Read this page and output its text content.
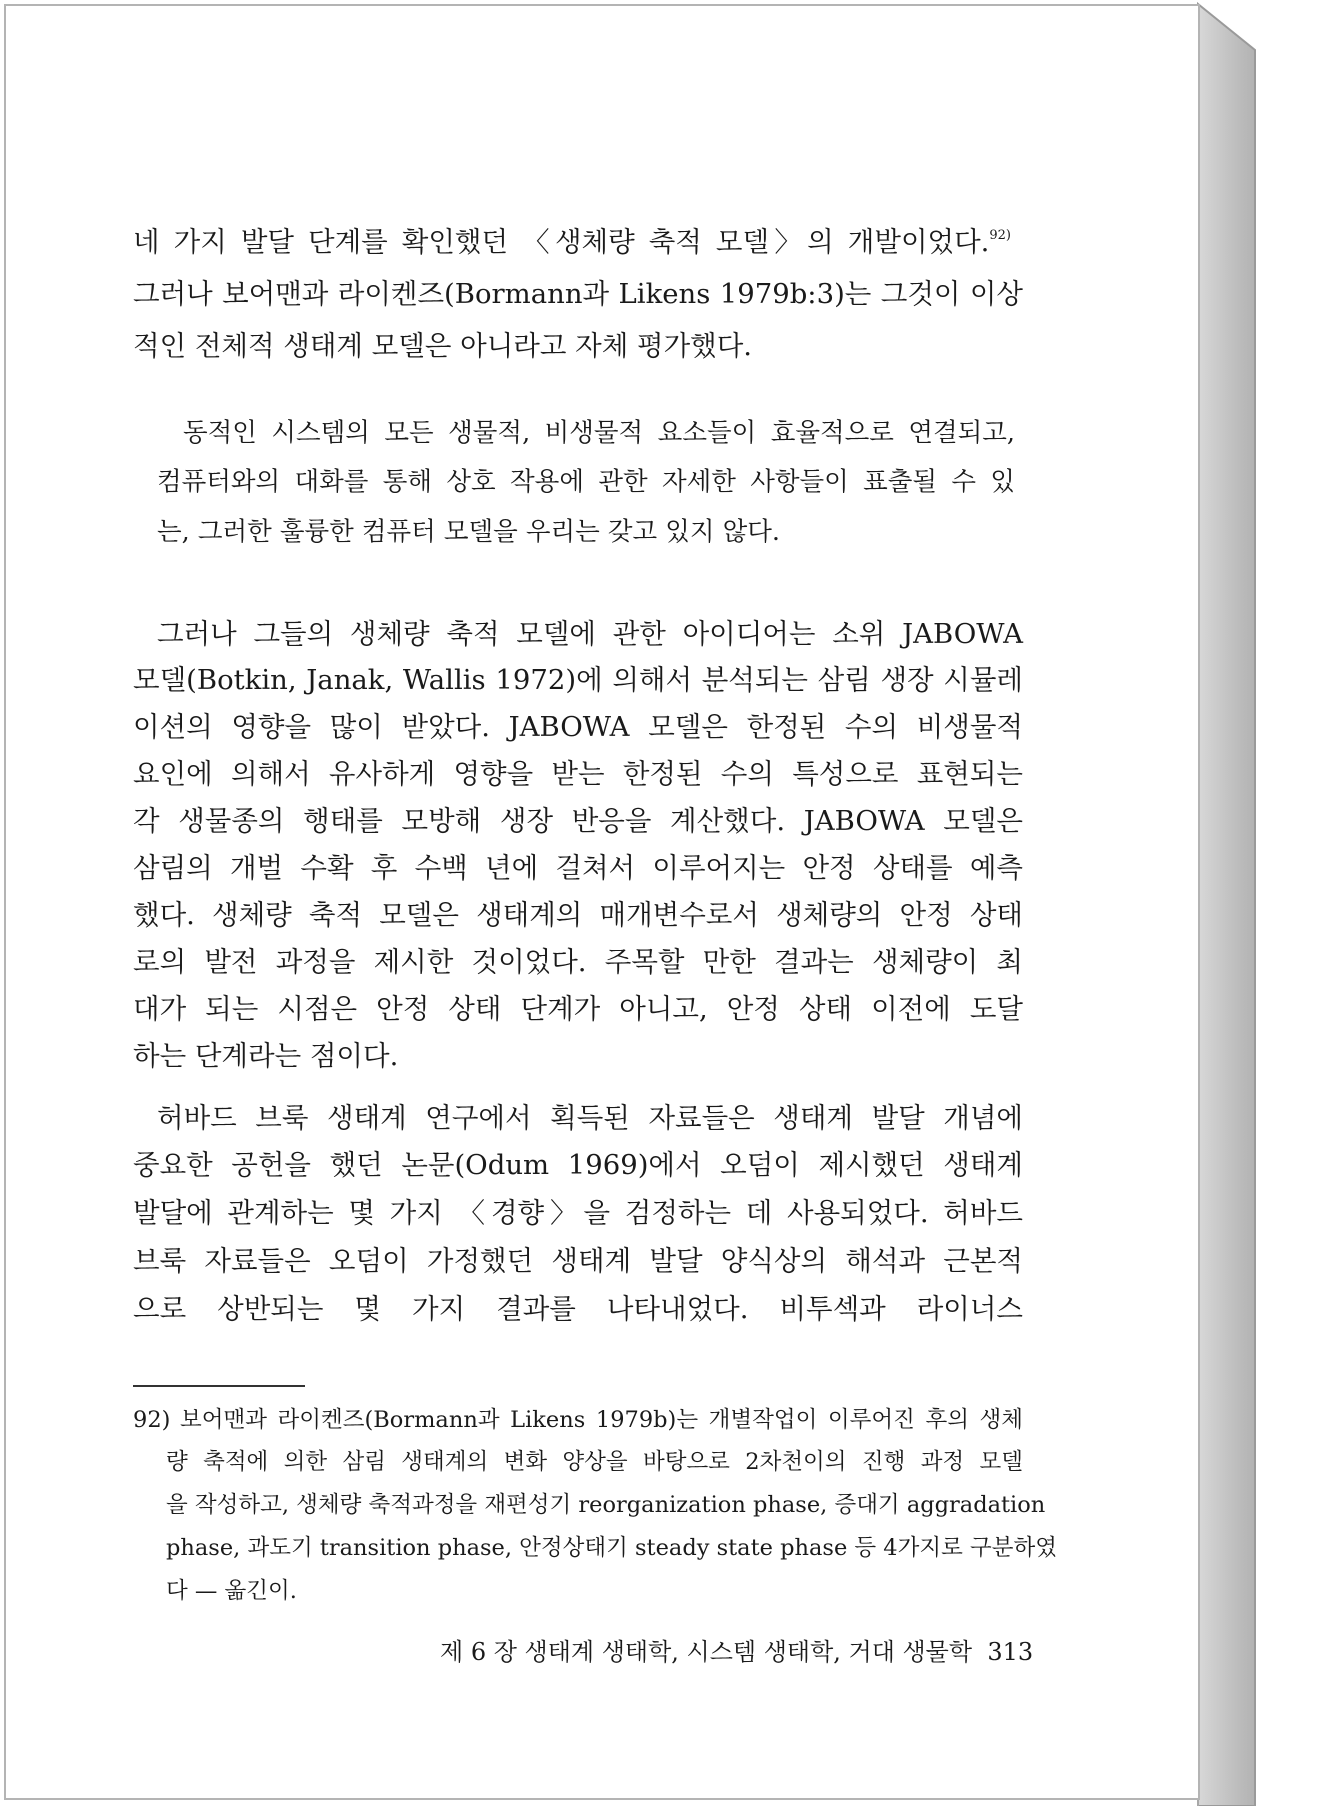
네 가지 발달 단계를 확인했던 〈생체량 축적 모델〉의 개발이었다.$^{92)}$
그러나 보어맨과 라이켄즈(Bormann과 Likens 1979b:3)는 그것이 이상
적인 전체적 생태계 모델은 아니라고 자체 평가했다.
동적인 시스템의 모든 생물적, 비생물적 요소들이 효율적으로 연결되고,
컴퓨터와의 대화를 통해 상호 작용에 관한 자세한 사항들이 표출될 수 있
는, 그러한 훌륭한 컴퓨터 모델을 우리는 갖고 있지 않다.
그러나 그들의 생체량 축적 모델에 관한 아이디어는 소위 JABOWA
모델(Botkin, Janak, Wallis 1972)에 의해서 분석되는 삼림 생장 시뮬레
이션의 영향을 많이 받았다. JABOWA 모델은 한정된 수의 비생물적
요인에 의해서 유사하게 영향을 받는 한정된 수의 특성으로 표현되는
각 생물종의 행태를 모방해 생장 반응을 계산했다. JABOWA 모델은
삼림의 개벌 수확 후 수백 년에 걸쳐서 이루어지는 안정 상태를 예측
했다. 생체량 축적 모델은 생태계의 매개변수로서 생체량의 안정 상태
로의 발전 과정을 제시한 것이었다. 주목할 만한 결과는 생체량이 최
대가 되는 시점은 안정 상태 단계가 아니고, 안정 상태 이전에 도달
하는 단계라는 점이다.
허바드 브룩 생태계 연구에서 획득된 자료들은 생태계 발달 개념에
중요한 공헌을 했던 논문(Odum 1969)에서 오덤이 제시했던 생태계
발달에 관계하는 몇 가지 〈경향〉을 검정하는 데 사용되었다. 허바드
브룩 자료들은 오덤이 가정했던 생태계 발달 양식상의 해석과 근본적
으로 상반되는 몇 가지 결과를 나타내었다. 비투섹과 라이너스
92) 보어맨과 라이켄즈(Bormann과 Likens 1979b)는 개별작업이 이루어진 후의 생체
량 축적에 의한 삼림 생태계의 변화 양상을 바탕으로 2차천이의 진행 과정 모델
을 작성하고, 생체량 축적과정을 재편성기 reorganization phase, 증대기 aggradation
phase, 과도기 transition phase, 안정상태기 steady state phase 등 4가지로 구분하였
다 — 옮긴이.
제 6 장 생태계 생태학, 시스템 생태학, 거대 생물학 313
